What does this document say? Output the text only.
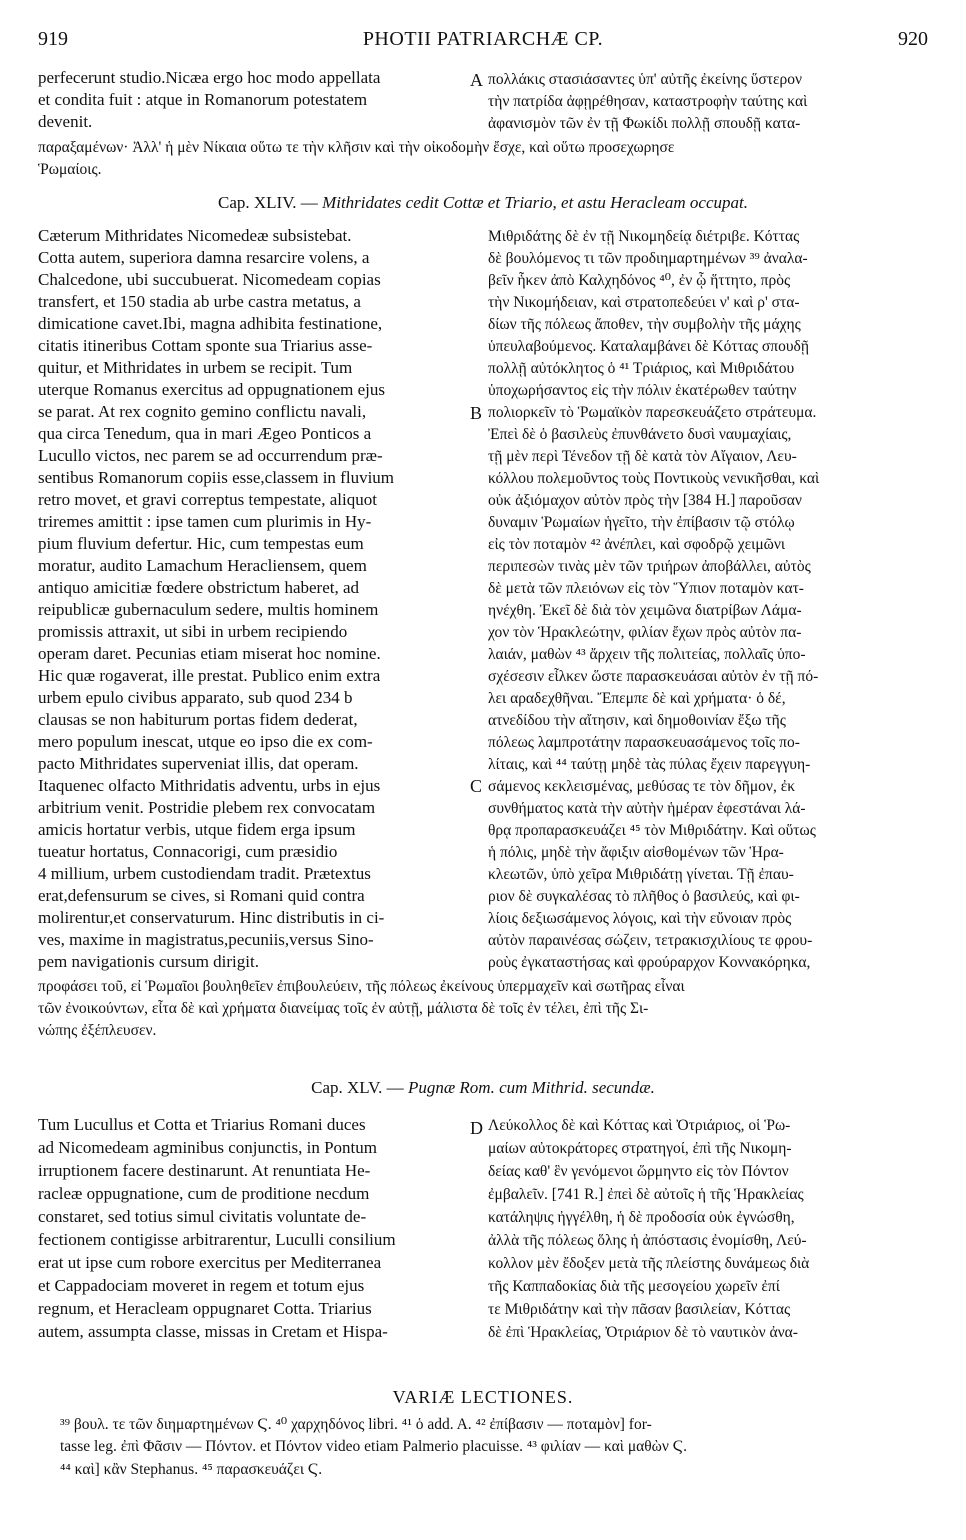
919	PHOTII PATRIARCHÆ CP.	920
perfecerunt studio.Nicæa ergo hoc modo appellata
et condita fuit : atque in Romanorum potestatem
devenit.
πολλάκις στασιάσαντες ὑπ' αὐτῆς ἐκείνης ὕστερον
τὴν πατρίδα ἀφῃρέθησαν, καταστροφὴν ταύτης καὶ
ἀφανισμὸν τῶν ἐν τῇ Φωκίδι πολλῇ σπουδῇ κατα-
παραξαμένων· Ἀλλ' ἡ μὲν Νίκαια οὕτω τε τὴν κλῆσιν καὶ τὴν οἰκοδομὴν ἔσχε, καὶ οὕτω προσεχωρησε
Ῥωμαίοις.
A
Cap. XLIV. — Mithridates cedit Cottæ et Triario, et astu Heracleam occupat.
Cæterum Mithridates Nicomedeæ subsistebat.
Cotta autem, superiora damna resarcire volens, a
Chalcedone, ubi succubuerat. Nicomedeam copias
transfert, et 150 stadia ab urbe castra metatus, a
dimicatione cavet.Ibi, magna adhibita festinatione,
citatis itineribus Cottam sponte sua Triarius asse-
quitur, et Mithridates in urbem se recipit. Tum
uterque Romanus exercitus ad oppugnationem ejus
se parat. At rex cognito gemino conflictu navali,
qua circa Tenedum, qua in mari Ægeo Ponticos a
Lucullo victos, nec parem se ad occurrendum præ-
sentibus Romanorum copiis esse,classem in fluvium
retro movet, et gravi correptus tempestate, aliquot
triremes amittit : ipse tamen cum plurimis in Hy-
pium fluvium defertur. Hic, cum tempestas eum
moratur, audito Lamachum Heracliensem, quem
antiquo amicitiæ fœdere obstrictum haberet, ad
reipublicæ gubernaculum sedere, multis hominem
promissis attraxit, ut sibi in urbem recipiendo
operam daret. Pecunias etiam miserat hoc nomine.
Hic quæ rogaverat, ille prestat. Publico enim extra
urbem epulo civibus apparato, sub quod 234 b
clausas se non habiturum portas fidem dederat,
mero populum inescat, utque eo ipso die ex com-
pacto Mithridates superveniat illis, dat operam.
Itaquenec olfacto Mithridatis adventu, urbs in ejus
arbitrium venit. Postridie plebem rex convocatam
amicis hortatur verbis, utque fidem erga ipsum
tueatur hortatus, Connacorigi, cum præsidio
4 millium, urbem custodiendam tradit. Prætextus
erat,defensurum se cives, si Romani quid contra
molirentur,et conservaturum. Hinc distributis in ci-
ves, maxime in magistratus,pecuniis,versus Sino-
pem navigationis cursum dirigit.
Μιθριδάτης δὲ ἐν τῇ Νικομηδείᾳ διέτριβε. Κόττας
δὲ βουλόμενος τι τῶν προδιημαρτημένων ³⁹ ἀναλα-
βεῖν ἧκεν ἀπὸ Καλχηδόνος ⁴⁰, ἐν ᾧ ἥττητο, πρὸς
τὴν Νικομήδειαν, καὶ στρατοπεδεύει ν' καὶ ρ' στα-
δίων τῆς πόλεως ἄποθεν, τὴν συμβολὴν τῆς μάχης
ὑπευλαβούμενος. Καταλαμβάνει δὲ Κόττας σπουδῇ
πολλῇ αὐτόκλητος ὁ ⁴¹ Τριάριος, καὶ Μιθριδάτου
ὑποχωρήσαντος εἰς τὴν πόλιν ἑκατέρωθεν ταύτην
πολιορκεῖν τὸ Ῥωμαϊκὸν παρεσκευάζετο στράτευμα.
Ἐπεὶ δὲ ὁ βασιλεὺς ἐπυνθάνετο δυσὶ ναυμαχίαις,
τῇ μὲν περὶ Τένεδον τῇ δὲ κατὰ τὸν Αἴγαιον, Λευ-
κόλλου πολεμοῦντος τοὺς Ποντικοὺς νενικῆσθαι, καὶ
οὐκ ἀξιόμαχον αὐτὸν πρὸς τὴν [384 H.] παροῦσαν
δυναμιν Ῥωμαίων ἡγεῖτο, τὴν ἐπίβασιν τῷ στόλῳ
εἰς τὸν ποταμὸν ⁴² ἀνέπλει, καὶ σφοδρῷ χειμῶνι
περιπεσὼν τινὰς μὲν τῶν τριήρων ἀποβάλλει, αὐτὸς
δὲ μετὰ τῶν πλειόνων εἰς τὸν Ὕπιον ποταμὸν κατ-
ηνέχθη. Ἐκεῖ δὲ διὰ τὸν χειμῶνα διατρίβων Λάμα-
χον τὸν Ἡρακλεώτην, φιλίαν ἔχων πρὸς αὐτὸν πα-
λαιάν, μαθὼν ⁴³ ἄρχειν τῆς πολιτείας, πολλαῖς ὑπο-
σχέσεσιν εἷλκεν ὥστε παρασκευάσαι αὐτὸν ἐν τῇ πό-
λει αραδεχθῆναι. Ἔπεμπε δὲ καὶ χρήματα· ὁ δέ,
ατνεδίδου τὴν αἴτησιν, καὶ δημοθοινίαν ἔξω τῆς
πόλεως λαμπροτάτην παρασκευασάμενος τοῖς πο-
λίταις, καὶ ⁴⁴ ταύτῃ μηδὲ τὰς πύλας ἔχειν παρεγγυη-
σάμενος κεκλεισμένας, μεθύσας τε τὸν δῆμον, ἐκ
συνθήματος κατὰ τὴν αὐτὴν ἡμέραν ἐφεστάναι λά-
θρᾳ προπαρασκευάζει ⁴⁵ τὸν Μιθριδάτην. Καὶ οὕτως
ἡ πόλις, μηδὲ τὴν ἄφιξιν αἰσθομένων τῶν Ἡρα-
κλεωτῶν, ὑπὸ χεῖρα Μιθριδάτῃ γίνεται. Τῇ ἐπαυ-
ριον δὲ συγκαλέσας τὸ πλῆθος ὁ βασιλεύς, καὶ φι-
λίοις δεξιωσάμενος λόγοις, καὶ τὴν εὔνοιαν πρὸς
αὐτὸν παραινέσας σώζειν, τετρακισχιλίους τε φρου-
ροὺς ἐγκαταστήσας καὶ φρούραρχον Κοννακόρηκα,
B
C
προφάσει τοῦ, εἰ Ῥωμαῖοι βουληθεῖεν ἐπιβουλεύειν, τῆς πόλεως ἐκείνους ὑπερμαχεῖν καὶ σωτῆρας εἶναι
τῶν ἐνοικούντων, εἶτα δὲ καὶ χρήματα διανείμας τοῖς ἐν αὐτῇ, μάλιστα δὲ τοῖς ἐν τέλει, ἐπὶ τῆς Σι-
νώπης ἐξέπλευσεν.
Cap. XLV. — Pugnæ Rom. cum Mithrid. secundæ.
Tum Lucullus et Cotta et Triarius Romani duces
ad Nicomedeam agminibus conjunctis, in Pontum
irruptionem facere destinarunt. At renuntiata He-
racleæ oppugnatione, cum de proditione necdum
constaret, sed totius simul civitatis voluntate de-
fectionem contigisse arbitrarentur, Luculli consilium
erat ut ipse cum robore exercitus per Mediterranea
et Cappadociam moveret in regem et totum ejus
regnum, et Heracleam oppugnaret Cotta. Triarius
autem, assumpta classe, missas in Cretam et Hispa-
Λεύκολλος δὲ καὶ Κόττας καὶ Ὀτριάριος, οἱ Ῥω-
μαίων αὐτοκράτορες στρατηγοί, ἐπὶ τῆς Νικομη-
δείας καθ' ἓν γενόμενοι ὥρμηντο εἰς τὸν Πόντον
ἐμβαλεῖν. [741 R.] ἐπεὶ δὲ αὐτοῖς ἡ τῆς Ἡρακλείας
κατάληψις ἠγγέλθη, ἡ δὲ προδοσία οὐκ ἐγνώσθη,
ἀλλὰ τῆς πόλεως ὅλης ἡ ἀπόστασις ἐνομίσθη, Λεύ-
κολλον μὲν ἔδοξεν μετὰ τῆς πλείστης δυνάμεως διὰ
τῆς Καππαδοκίας διὰ τῆς μεσογείου χωρεῖν ἐπί
τε Μιθριδάτην καὶ τὴν πᾶσαν βασιλείαν, Κόττας
δὲ ἐπὶ Ἡρακλείας, Ὀτριάριον δὲ τὸ ναυτικὸν ἀνα-
D
VARIÆ LECTIONES.
³⁹ βουλ. τε τῶν διημαρτημένων Ϛ. ⁴⁰ χαρχηδόνος libri. ⁴¹ ὁ add. A. ⁴² ἐπίβασιν — ποταμὸν] for-
tasse leg. ἐπὶ Φᾶσιν — Πόντον. et Πόντον video etiam Palmerio placuisse. ⁴³ φιλίαν — καὶ μαθὼν Ϛ.
⁴⁴ καὶ] κἂν Stephanus. ⁴⁵ παρασκευάζει Ϛ.
